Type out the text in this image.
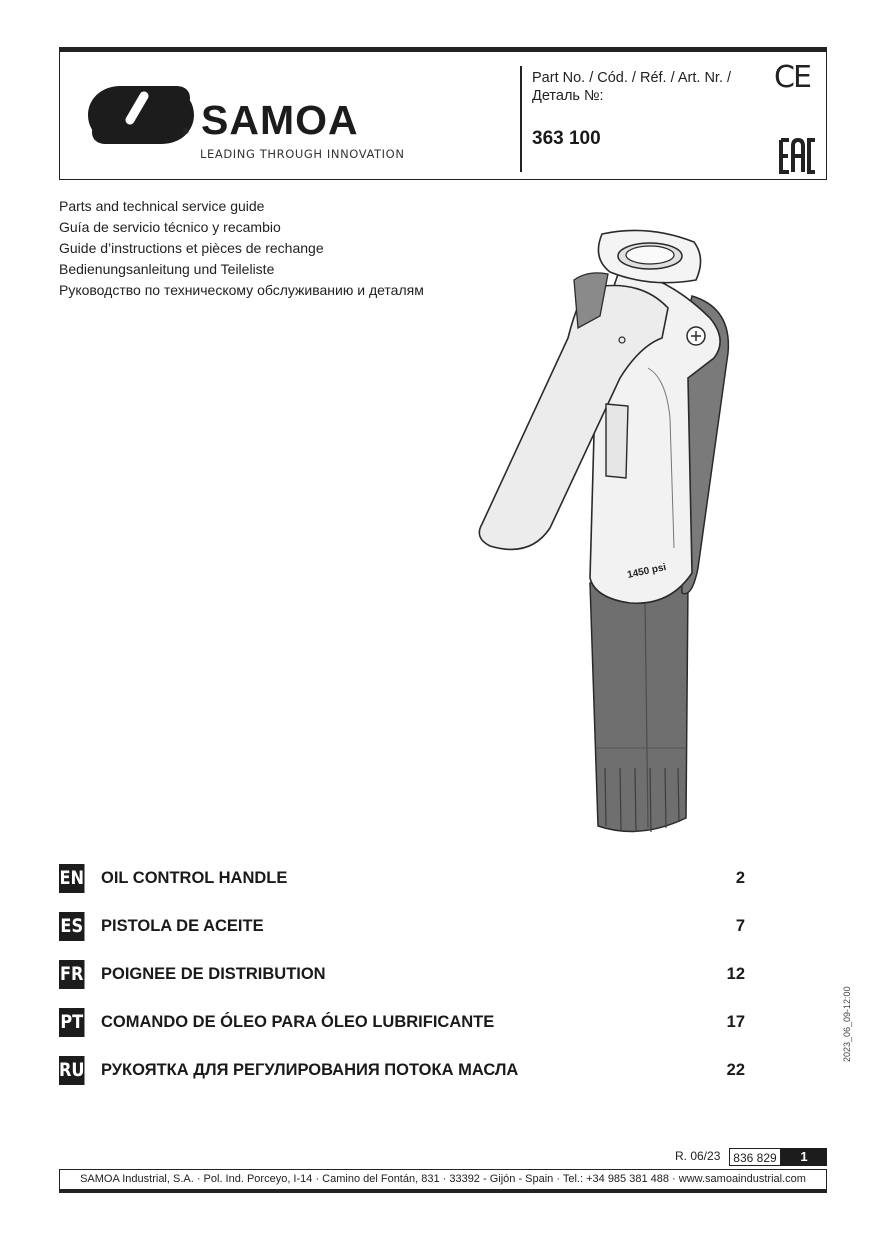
® SAMOA
LEADING THROUGH INNOVATION
Part No. / Cód. / Réf. / Art. Nr. /
Деталь №:
363 100
CE
Parts and technical service guide
Guía de servicio técnico y recambio
Guide d’instructions et pièces de rechange
Bedienungsanleitung und Teileliste
Руководство по техническому обслуживанию и деталям
1450 psi
EN OIL CONTROL HANDLE	2
ES PISTOLA DE ACEITE	7
FR POIGNEE DE DISTRIBUTION	12
PT COMANDO DE ÓLEO PARA ÓLEO LUBRIFICANTE	17
RU РУКОЯТКА ДЛЯ РЕГУЛИРОВАНИЯ ПОТОКА МАСЛА	22
2023_06_09-12:00
R. 06/23	836 829	1
SAMOA Industrial, S.A. · Pol. Ind. Porceyo, I-14 · Camino del Fontán, 831 · 33392 - Gijón - Spain · Tel.: +34 985 381 488 · www.samoaindustrial.com
